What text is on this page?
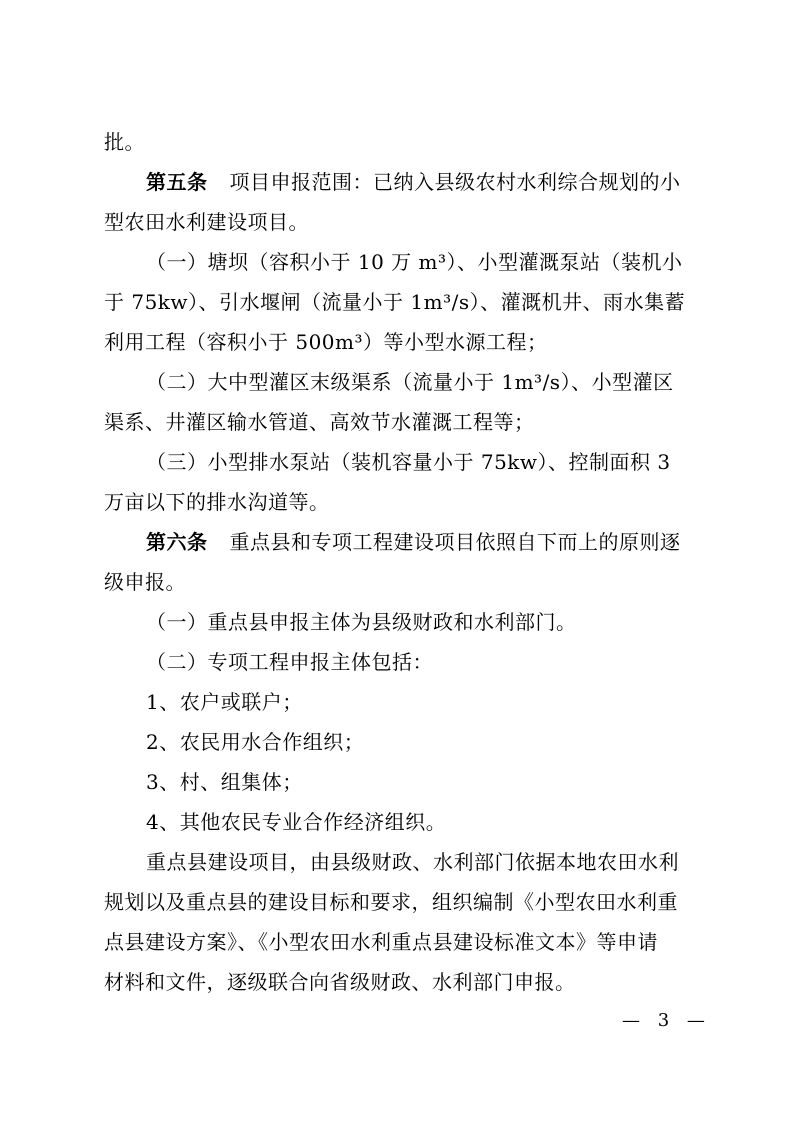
批。
第五条 项目申报范围：已纳入县级农村水利综合规划的小
型农田水利建设项目。
（一）塘坝（容积小于 10 万 m³）、小型灌溉泵站（装机小
于 75kw）、引水堰闸（流量小于 1m³/s）、灌溉机井、雨水集蓄
利用工程（容积小于 500m³）等小型水源工程；
（二）大中型灌区末级渠系（流量小于 1m³/s）、小型灌区
渠系、井灌区输水管道、高效节水灌溉工程等；
（三）小型排水泵站（装机容量小于 75kw）、控制面积 3
万亩以下的排水沟道等。
第六条 重点县和专项工程建设项目依照自下而上的原则逐
级申报。
（一）重点县申报主体为县级财政和水利部门。
（二）专项工程申报主体包括：
1、农户或联户；
2、农民用水合作组织；
3、村、组集体；
4、其他农民专业合作经济组织。
重点县建设项目，由县级财政、水利部门依据本地农田水利
规划以及重点县的建设目标和要求，组织编制《小型农田水利重
点县建设方案》、《小型农田水利重点县建设标准文本》等申请
材料和文件，逐级联合向省级财政、水利部门申报。
— 3 —
